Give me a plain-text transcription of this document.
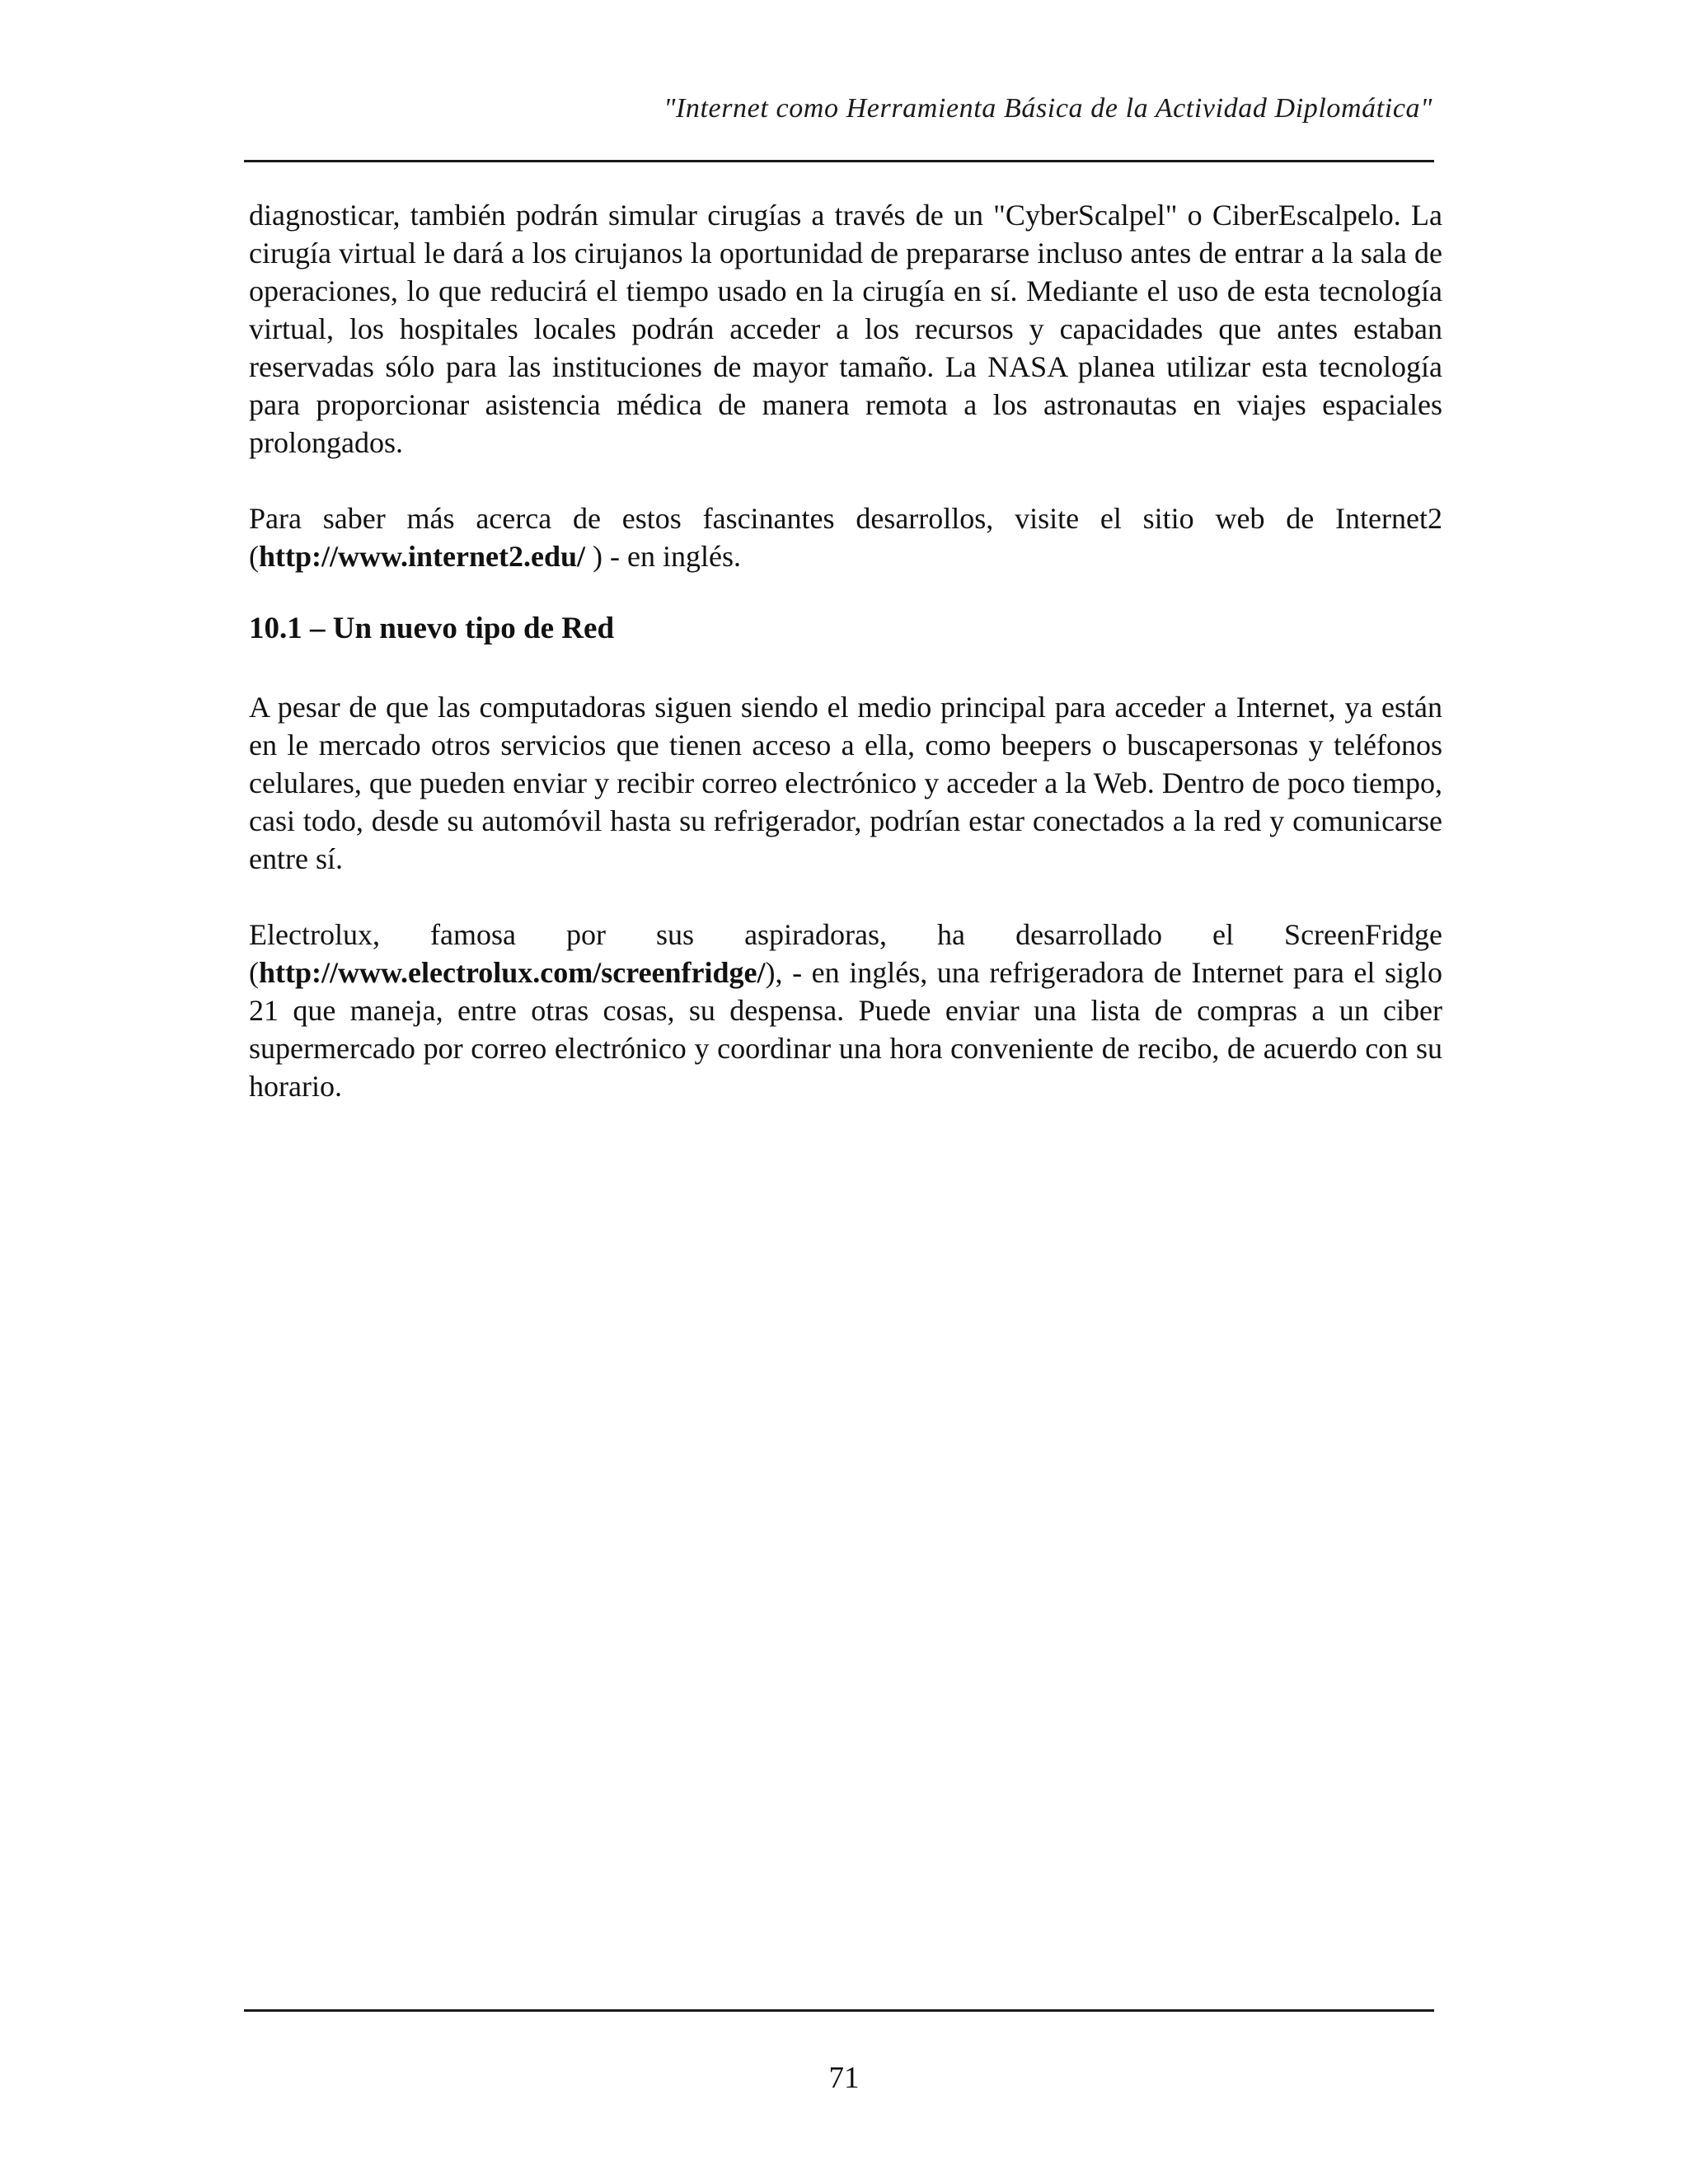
"Internet como Herramienta Básica de la Actividad Diplomática"

diagnosticar, también podrán simular cirugías a través de un "CyberScalpel" o CiberEscalpelo. La cirugía virtual le dará a los cirujanos la oportunidad de prepararse incluso antes de entrar a la sala de operaciones, lo que reducirá el tiempo usado en la cirugía en sí. Mediante el uso de esta tecnología virtual, los hospitales locales podrán acceder a los recursos y capacidades que antes estaban reservadas sólo para las instituciones de mayor tamaño. La NASA planea utilizar esta tecnología para proporcionar asistencia médica de manera remota a los astronautas en viajes espaciales prolongados.

Para saber más acerca de estos fascinantes desarrollos, visite el sitio web de Internet2 (http://www.internet2.edu/ ) - en inglés.

10.1 – Un nuevo tipo de Red

A pesar de que las computadoras siguen siendo el medio principal para acceder a Internet, ya están en le mercado otros servicios que tienen acceso a ella, como beepers o buscapersonas y teléfonos celulares, que pueden enviar y recibir correo electrónico y acceder a la Web. Dentro de poco tiempo, casi todo, desde su automóvil hasta su refrigerador, podrían estar conectados a la red y comunicarse entre sí.

Electrolux, famosa por sus aspiradoras, ha desarrollado el ScreenFridge (http://www.electrolux.com/screenfridge/), - en inglés, una refrigeradora de Internet para el siglo 21 que maneja, entre otras cosas, su despensa. Puede enviar una lista de compras a un ciber supermercado por correo electrónico y coordinar una hora conveniente de recibo, de acuerdo con su horario.

71
